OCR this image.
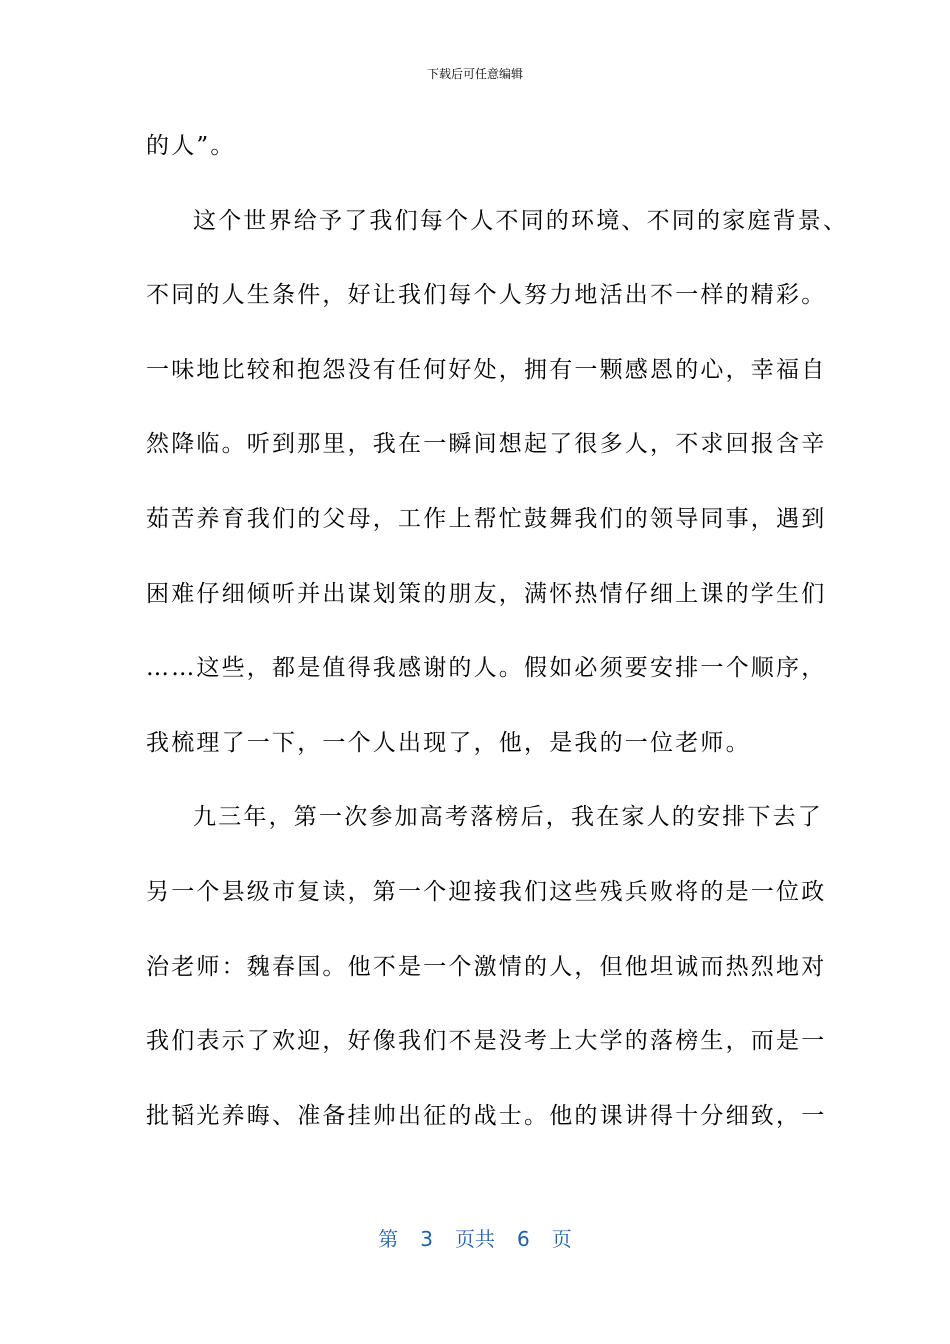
下载后可任意编辑
的人”。
这个世界给予了我们每个人不同的环境、不同的家庭背景、
不同的人生条件，好让我们每个人努力地活出不一样的精彩。
一味地比较和抱怨没有任何好处，拥有一颗感恩的心，幸福自
然降临。听到那里，我在一瞬间想起了很多人，不求回报含辛
茹苦养育我们的父母，工作上帮忙鼓舞我们的领导同事，遇到
困难仔细倾听并出谋划策的朋友，满怀热情仔细上课的学生们
……这些，都是值得我感谢的人。假如必须要安排一个顺序，
我梳理了一下，一个人出现了，他，是我的一位老师。
九三年，第一次参加高考落榜后，我在家人的安排下去了
另一个县级市复读，第一个迎接我们这些残兵败将的是一位政
治老师：魏春国。他不是一个激情的人，但他坦诚而热烈地对
我们表示了欢迎，好像我们不是没考上大学的落榜生，而是一
批韬光养晦、准备挂帅出征的战士。他的课讲得十分细致，一
第 3 页共 6 页
